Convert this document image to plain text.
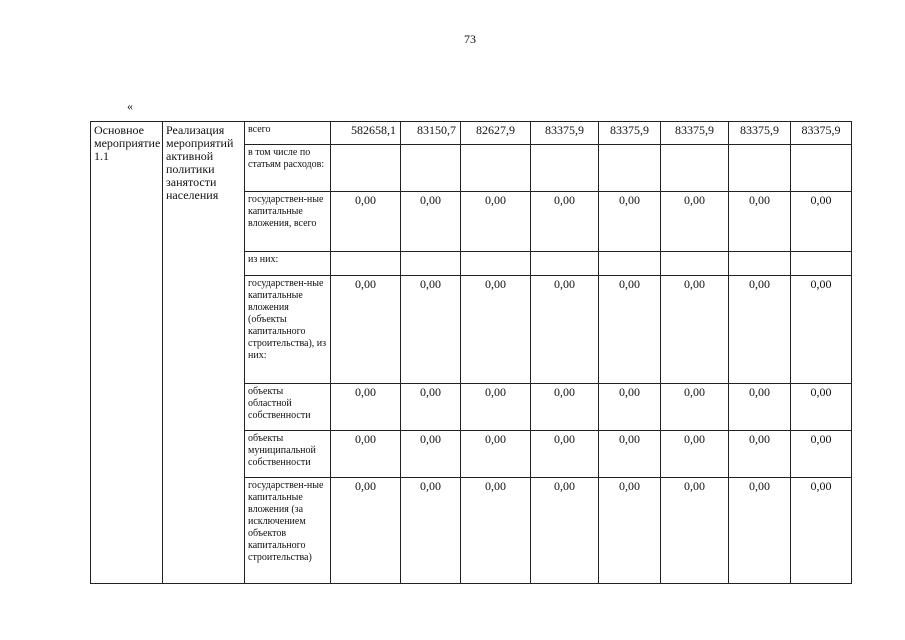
73
«
Основное мероприятие 1.1	Реализация мероприятий активной политики занятости населения	всего	582658,1	83150,7	82627,9	83375,9	83375,9	83375,9	83375,9	83375,9
		в том числе по статьям расходов:								
		государствен-ные капитальные вложения, всего	0,00	0,00	0,00	0,00	0,00	0,00	0,00	0,00
		из них:								
		государствен-ные капитальные вложения (объекты капитального строительства), из них:	0,00	0,00	0,00	0,00	0,00	0,00	0,00	0,00
		объекты областной собственности	0,00	0,00	0,00	0,00	0,00	0,00	0,00	0,00
		объекты муниципальной собственности	0,00	0,00	0,00	0,00	0,00	0,00	0,00	0,00
		государствен-ные капитальные вложения (за исключением объектов капитального строительства)	0,00	0,00	0,00	0,00	0,00	0,00	0,00	0,00
